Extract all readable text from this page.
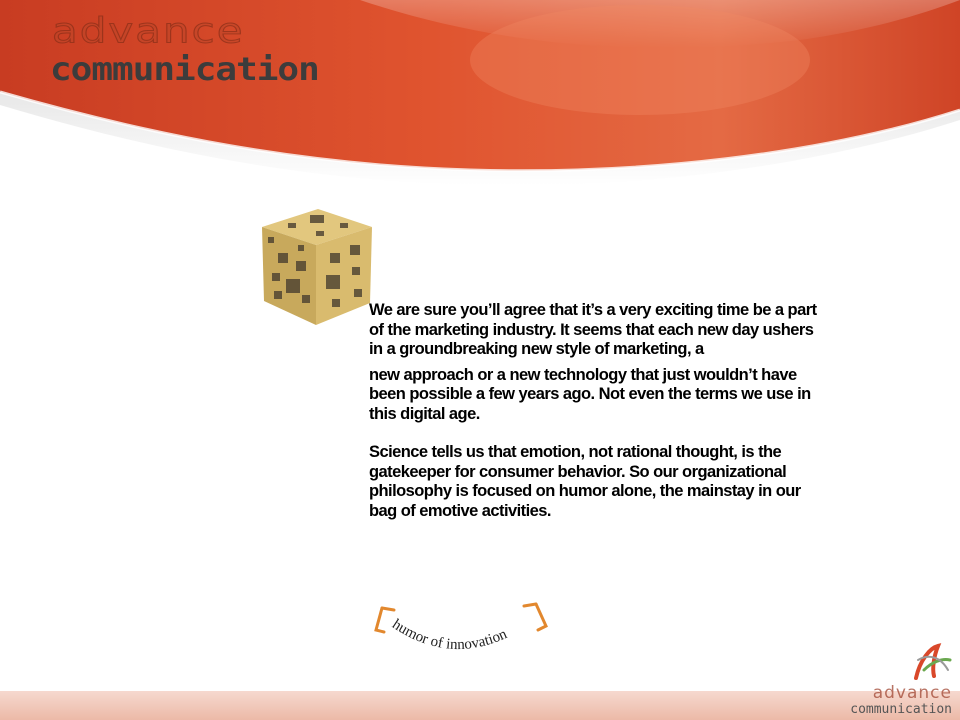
advance
communication

We are sure you’ll agree that it’s a very exciting time be a part of the marketing industry. It seems that each new day ushers in a groundbreaking new style of marketing, a

new approach or a new technology that just wouldn’t have been possible a few years ago. Not even the terms we use in this digital age.

Science tells us that emotion, not rational thought, is the gatekeeper for consumer behavior. So our organizational philosophy is focused on humor alone, the mainstay in our bag of emotive activities.

humor of innovation
advance
communication
